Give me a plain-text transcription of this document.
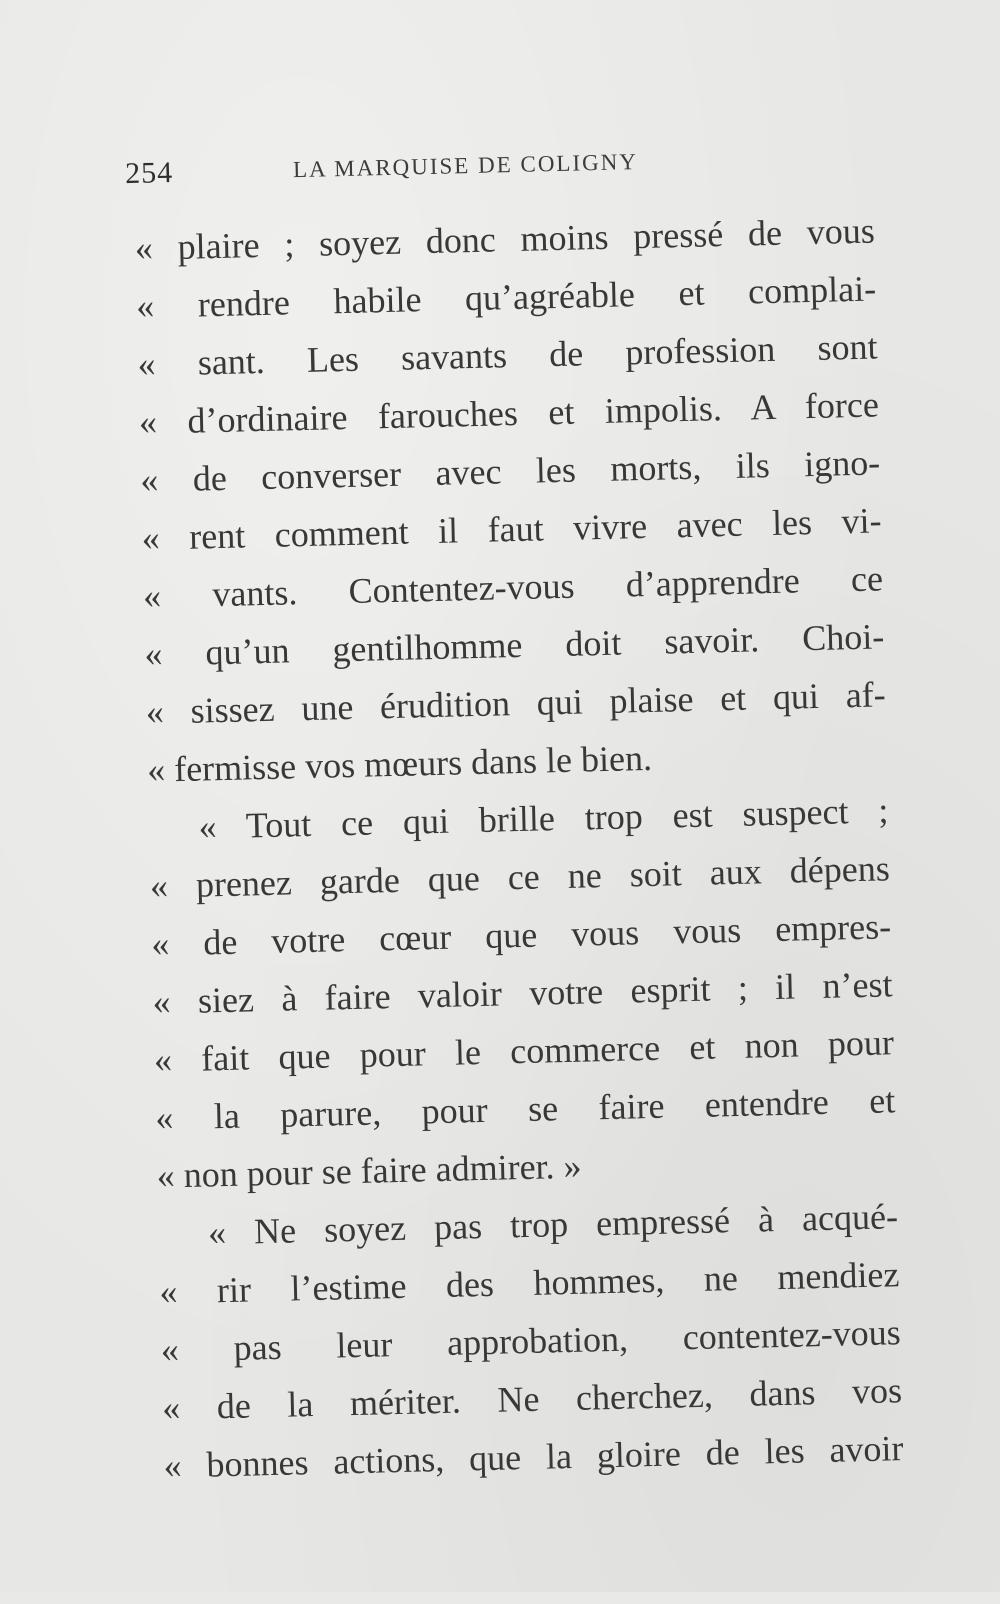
254	LA MARQUISE DE COLIGNY
« plaire ; soyez donc moins pressé de vous
« rendre habile qu’agréable et complai-
« sant. Les savants de profession sont
« d’ordinaire farouches et impolis. A force
« de converser avec les morts, ils igno-
« rent comment il faut vivre avec les vi-
« vants. Contentez-vous d’apprendre ce
« qu’un gentilhomme doit savoir. Choi-
« sissez une érudition qui plaise et qui af-
« fermisse vos mœurs dans le bien.
« Tout ce qui brille trop est suspect ;
« prenez garde que ce ne soit aux dépens
« de votre cœur que vous vous empres-
« siez à faire valoir votre esprit ; il n’est
« fait que pour le commerce et non pour
« la parure, pour se faire entendre et
« non pour se faire admirer. »
« Ne soyez pas trop empressé à acqué-
« rir l’estime des hommes, ne mendiez
« pas leur approbation, contentez-vous
« de la mériter. Ne cherchez, dans vos
« bonnes actions, que la gloire de les avoir
